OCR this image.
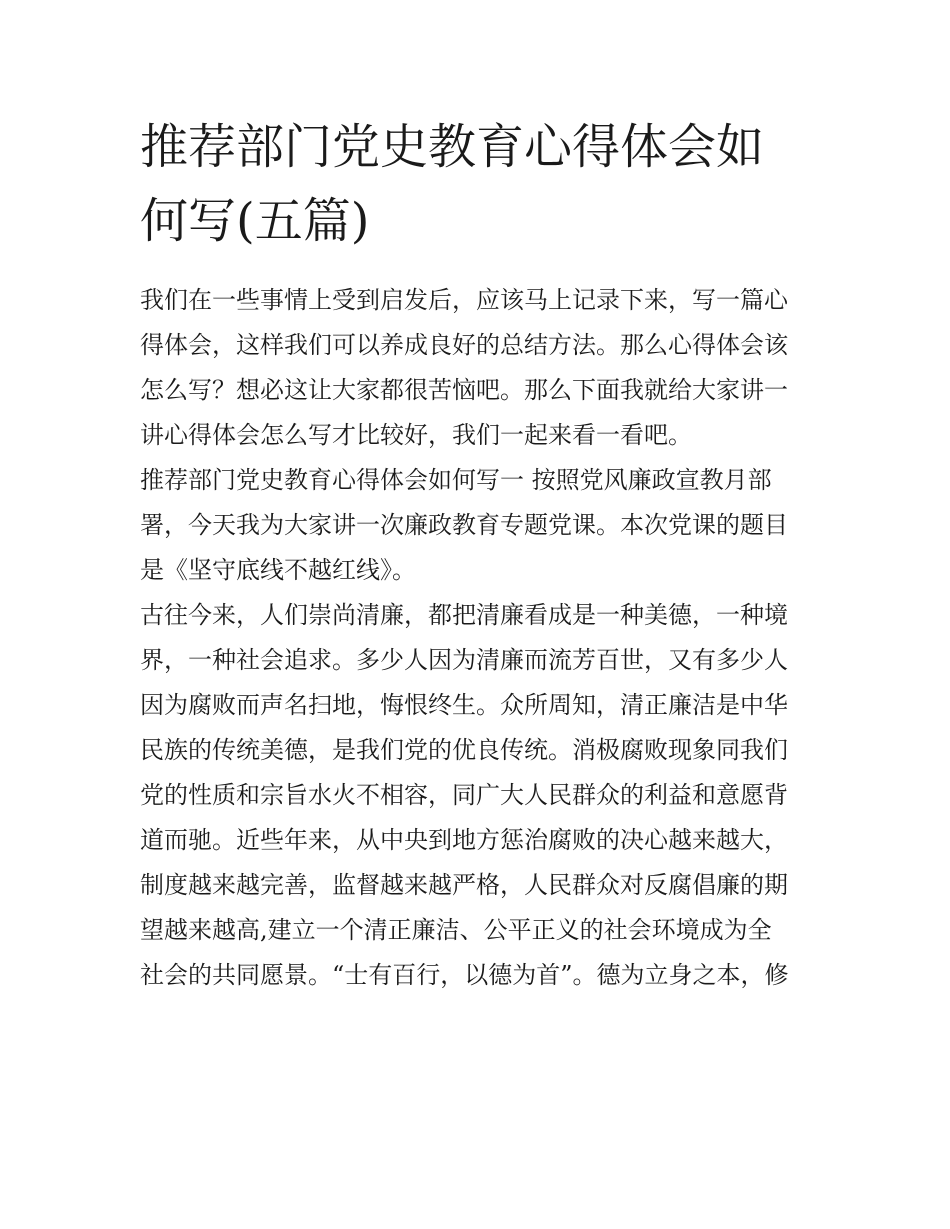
推荐部门党史教育心得体会如
何写(五篇)
我们在一些事情上受到启发后，应该马上记录下来，写一篇心
得体会，这样我们可以养成良好的总结方法。那么心得体会该
怎么写？想必这让大家都很苦恼吧。那么下面我就给大家讲一
讲心得体会怎么写才比较好，我们一起来看一看吧。
推荐部门党史教育心得体会如何写一 按照党风廉政宣教月部
署，今天我为大家讲一次廉政教育专题党课。本次党课的题目
是《坚守底线不越红线》。
古往今来，人们崇尚清廉，都把清廉看成是一种美德，一种境
界，一种社会追求。多少人因为清廉而流芳百世，又有多少人
因为腐败而声名扫地，悔恨终生。众所周知，清正廉洁是中华
民族的传统美德，是我们党的优良传统。消极腐败现象同我们
党的性质和宗旨水火不相容，同广大人民群众的利益和意愿背
道而驰。近些年来，从中央到地方惩治腐败的决心越来越大，
制度越来越完善，监督越来越严格，人民群众对反腐倡廉的期
望越来越高,建立一个清正廉洁、公平正义的社会环境成为全
社会的共同愿景。“士有百行，以德为首”。德为立身之本，修
